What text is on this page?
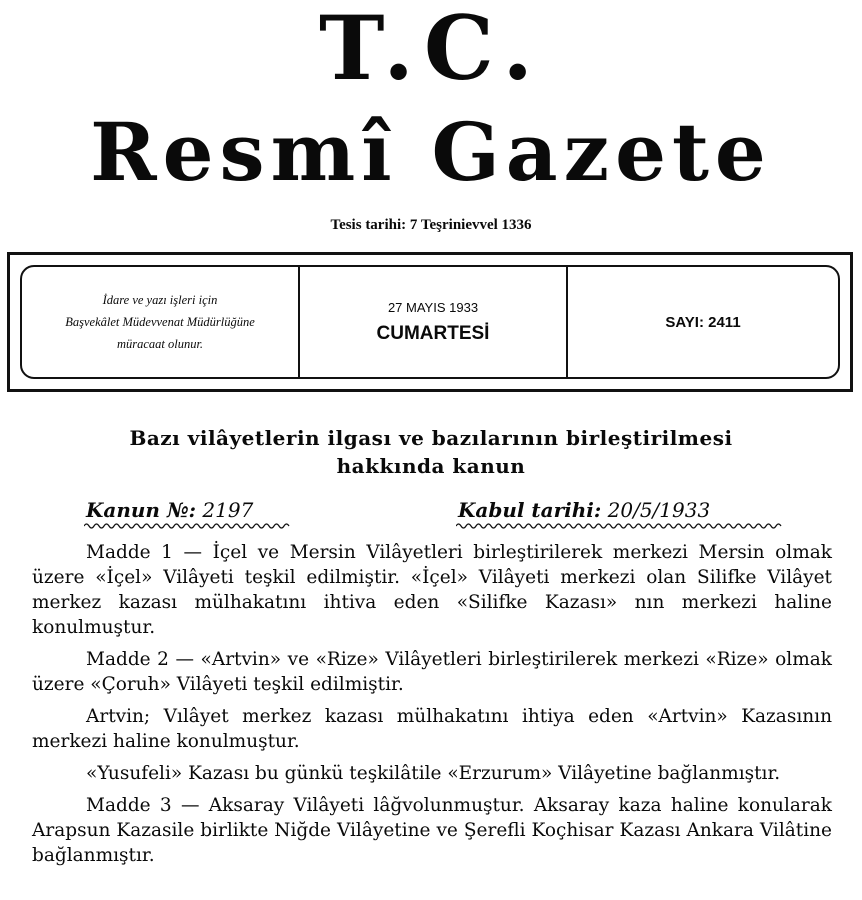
T.C.
Resmî Gazete
Tesis tarihi: 7 Teşrinievvel 1336
İdare ve yazı işleri için
Başvekâlet Müdevvenat Müdürlüğüne
müracaat olunur.
27 MAYIS 1933
CUMARTESİ
SAYI: 2411
Bazı vilâyetlerin ilgası ve bazılarının birleştirilmesi
hakkında kanun
Kanun №: 2197	Kabul tarihi: 20/5/1933

Madde 1 — İçel ve Mersin Vilâyetleri birleştirilerek merkezi Mersin olmak üzere «İçel» Vilâyeti teşkil edilmiştir. «İçel» Vilâyeti merkezi olan Silifke Vilâyet merkez kazası mülhakatını ihtiva eden «Silifke Kazası» nın merkezi haline konulmuştur.

Madde 2 — «Artvin» ve «Rize» Vilâyetleri birleştirilerek merkezi «Rize» olmak üzere «Çoruh» Vilâyeti teşkil edilmiştir.

Artvin; Vılâyet merkez kazası mülhakatını ihtiya eden «Artvin» Kazasının merkezi haline konulmuştur.

«Yusufeli» Kazası bu günkü teşkilâtile «Erzurum» Vilâyetine bağlanmıştır.

Madde 3 — Aksaray Vilâyeti lâğvolunmuştur. Aksaray kaza haline konularak Arapsun Kazasile birlikte Niğde Vilâyetine ve Şerefli Koçhisar Kazası Ankara Vilâtine bağlanmıştır.
